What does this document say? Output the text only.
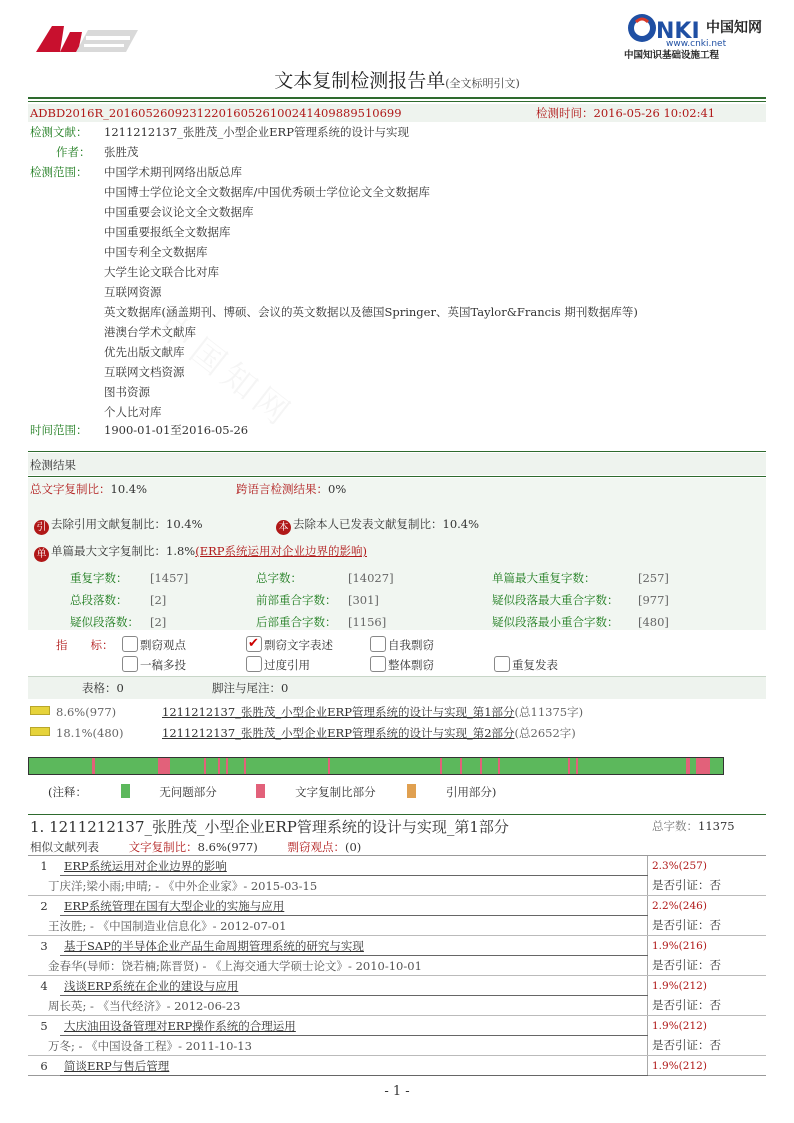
NKI 中国知网
www.cnki.net
中国知识基础设施工程
文本复制检测报告单(全文标明引文)
ADBD2016R_2016052609231220160526100241409889510699	检测时间：2016-05-26 10:02:41
检测文献： 1211212137_张胜茂_小型企业ERP管理系统的设计与实现
作者： 张胜茂
检测范围： 中国学术期刊网络出版总库
中国博士学位论文全文数据库/中国优秀硕士学位论文全文数据库
中国重要会议论文全文数据库
中国重要报纸全文数据库
中国专利全文数据库
大学生论文联合比对库
互联网资源
英文数据库(涵盖期刊、博硕、会议的英文数据以及德国Springer、英国Taylor&Francis 期刊数据库等)
港澳台学术文献库
优先出版文献库
互联网文档资源
图书资源
个人比对库
时间范围： 1900-01-01至2016-05-26
检测结果
总文字复制比：10.4%	跨语言检测结果：0%
引 去除引用文献复制比：10.4%	本 去除本人已发表文献复制比：10.4%
单 单篇最大文字复制比：1.8%(ERP系统运用对企业边界的影响)
重复字数： [1457]	总字数：	[14027]	单篇最大重复字数：	[257]
总段落数： [2]	前部重合字数： [301]	疑似段落最大重合字数： [977]
疑似段落数： [2]	后部重合字数： [1156]	疑似段落最小重合字数： [480]
指　　标：	剽窃观点 ✔	剽窃文字表述	自我剽窃
一稿多投	过度引用	整体剽窃	重复发表
表格：0	脚注与尾注：0
8.6%(977)	1211212137_张胜茂_小型企业ERP管理系统的设计与实现_第1部分(总11375字)
18.1%(480)	1211212137_张胜茂_小型企业ERP管理系统的设计与实现_第2部分(总2652字)
(注释：	无问题部分	文字复制比部分	引用部分)
1. 1211212137_张胜茂_小型企业ERP管理系统的设计与实现_第1部分	总字数：11375
相似文献列表	文字复制比：8.6%(977)	剽窃观点：(0)
1	ERP系统运用对企业边界的影响	2.3%(257)
丁庆洋;梁小雨;申晴; - 《中外企业家》- 2015-03-15		是否引证：否
2	ERP系统管理在国有大型企业的实施与应用	2.2%(246)
王汝胜; - 《中国制造业信息化》- 2012-07-01		是否引证：否
3	基于SAP的半导体企业产品生命周期管理系统的研究与实现	1.9%(216)
金春华(导师：饶若楠;陈晋贤) - 《上海交通大学硕士论文》- 2010-10-01		是否引证：否
4	浅谈ERP系统在企业的建设与应用	1.9%(212)
周长英; - 《当代经济》- 2012-06-23		是否引证：否
5	大庆油田设备管理对ERP操作系统的合理运用	1.9%(212)
万冬; - 《中国设备工程》- 2011-10-13		是否引证：否
6	简谈ERP与售后管理	1.9%(212)

- 1 -
